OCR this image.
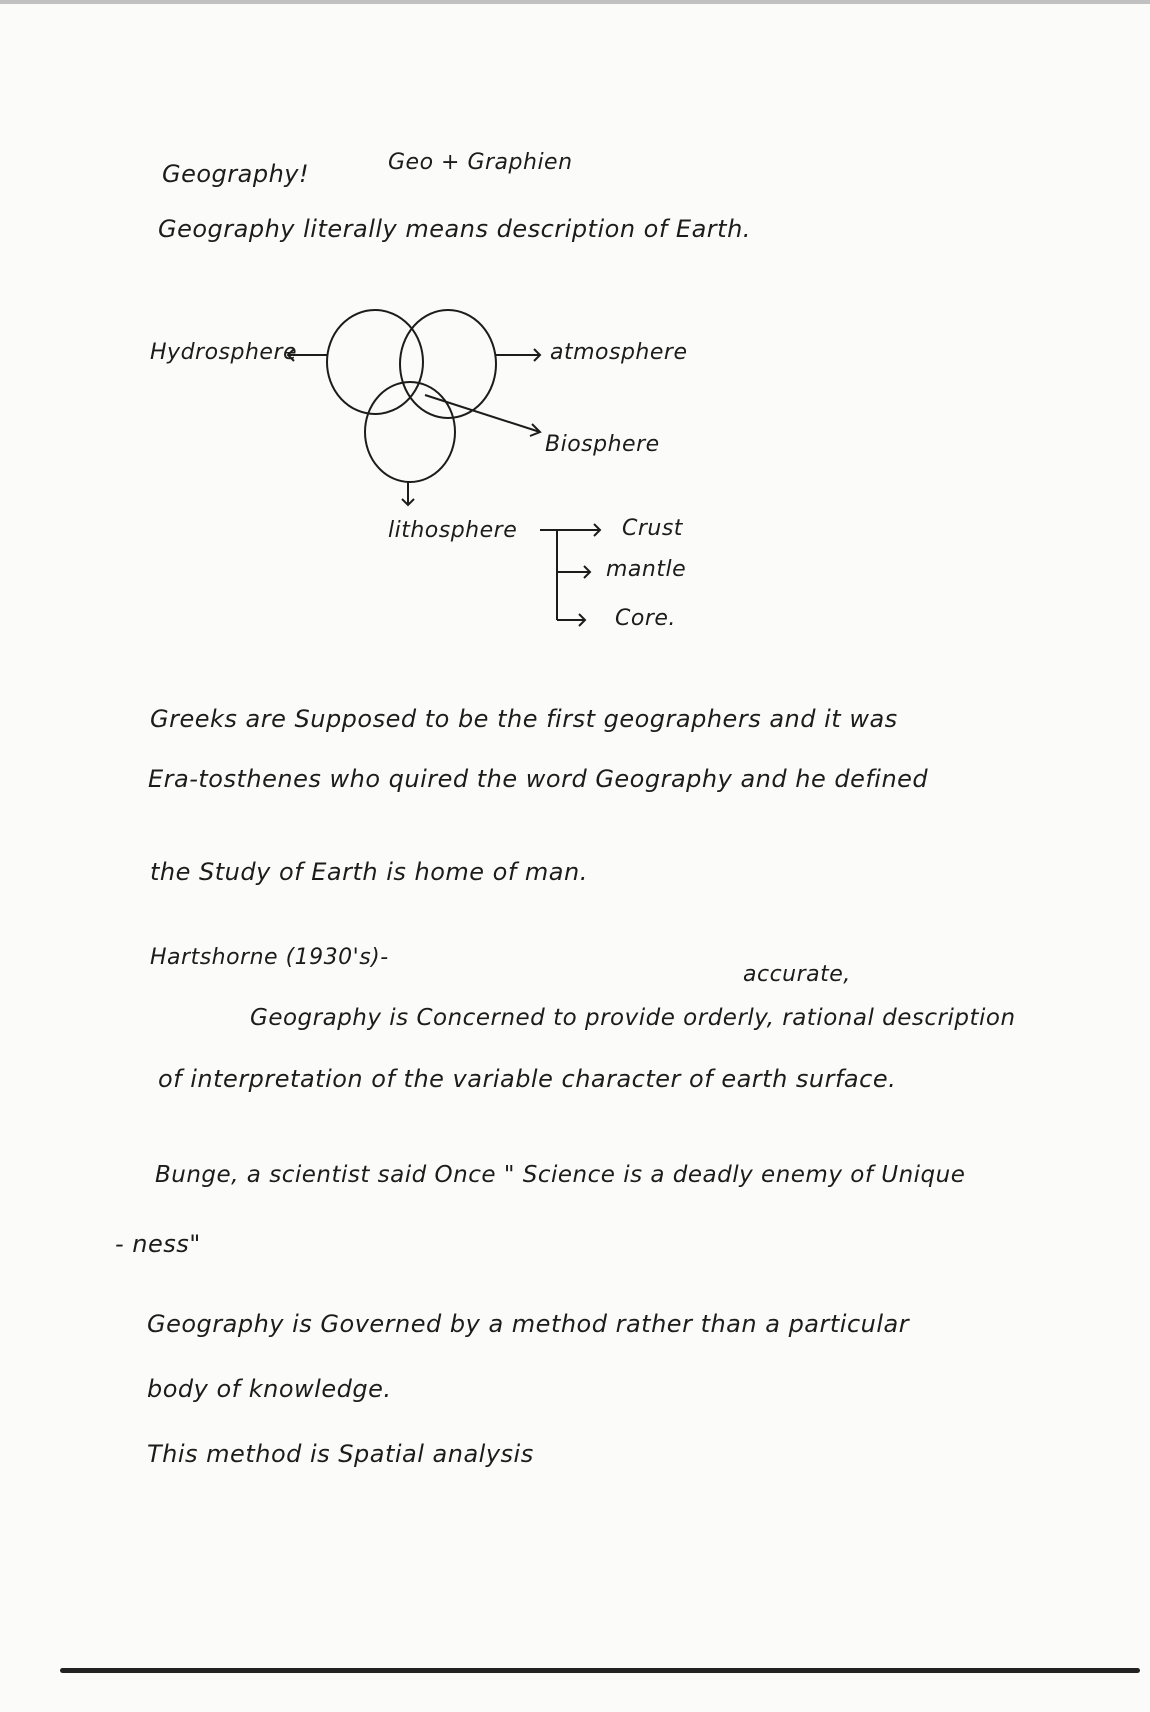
Geography!	Geo + Graphien
Geography literally means description of Earth.
Hydrosphere	atmosphere
Biosphere
lithosphere	Crust
mantle
Core.
Greeks are Supposed to be the first geographers and it was
Era-tosthenes who quired the word Geography and he defined
the Study of Earth is home of man.
Hartshorne (1930's)-
accurate,
Geography is Concerned to provide orderly, rational description
of interpretation of the variable character of earth surface.
Bunge, a scientist said Once " Science is a deadly enemy of Unique
- ness"
Geography is Governed by a method rather than a particular
body of knowledge.
This method is Spatial analysis
